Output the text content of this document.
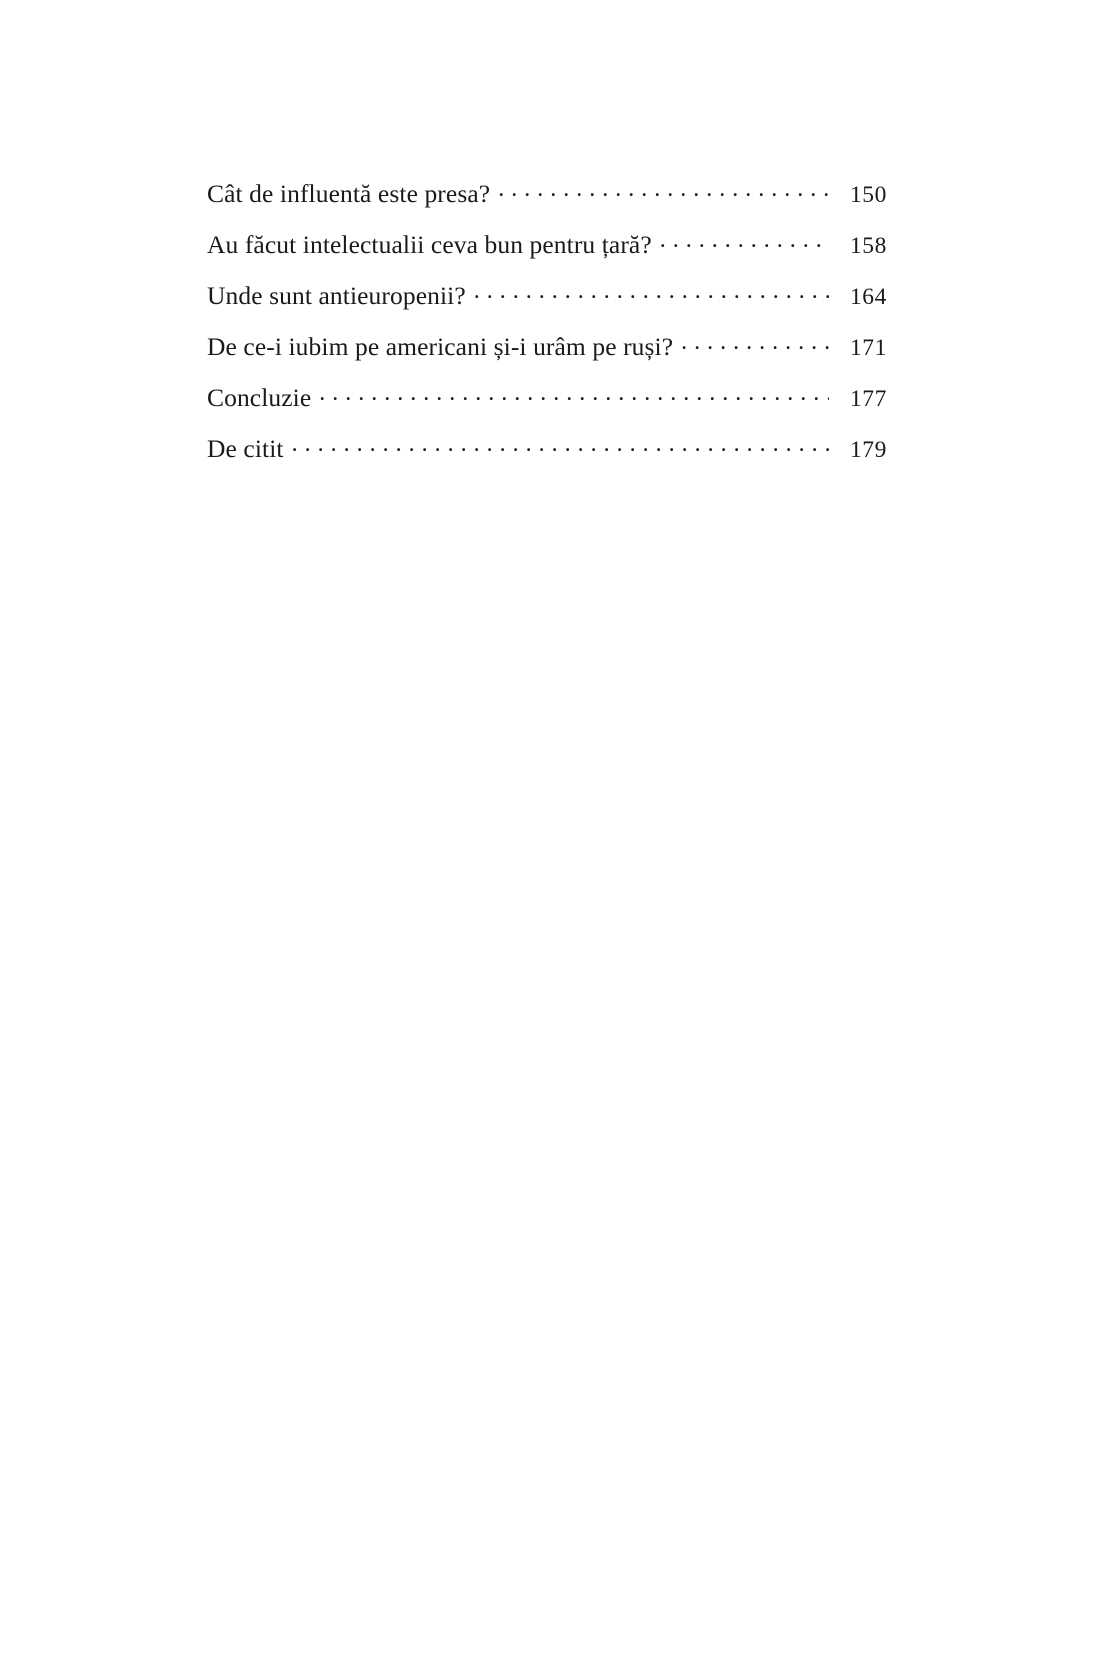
Cât de influentă este presa? . . .	150
Au făcut intelectualii ceva bun pentru țară? . . .	158
Unde sunt antieuropenii? . . .	164
De ce-i iubim pe americani și-i urâm pe ruși? . . .	171
Concluzie . . .	177
De citit . . .	179
